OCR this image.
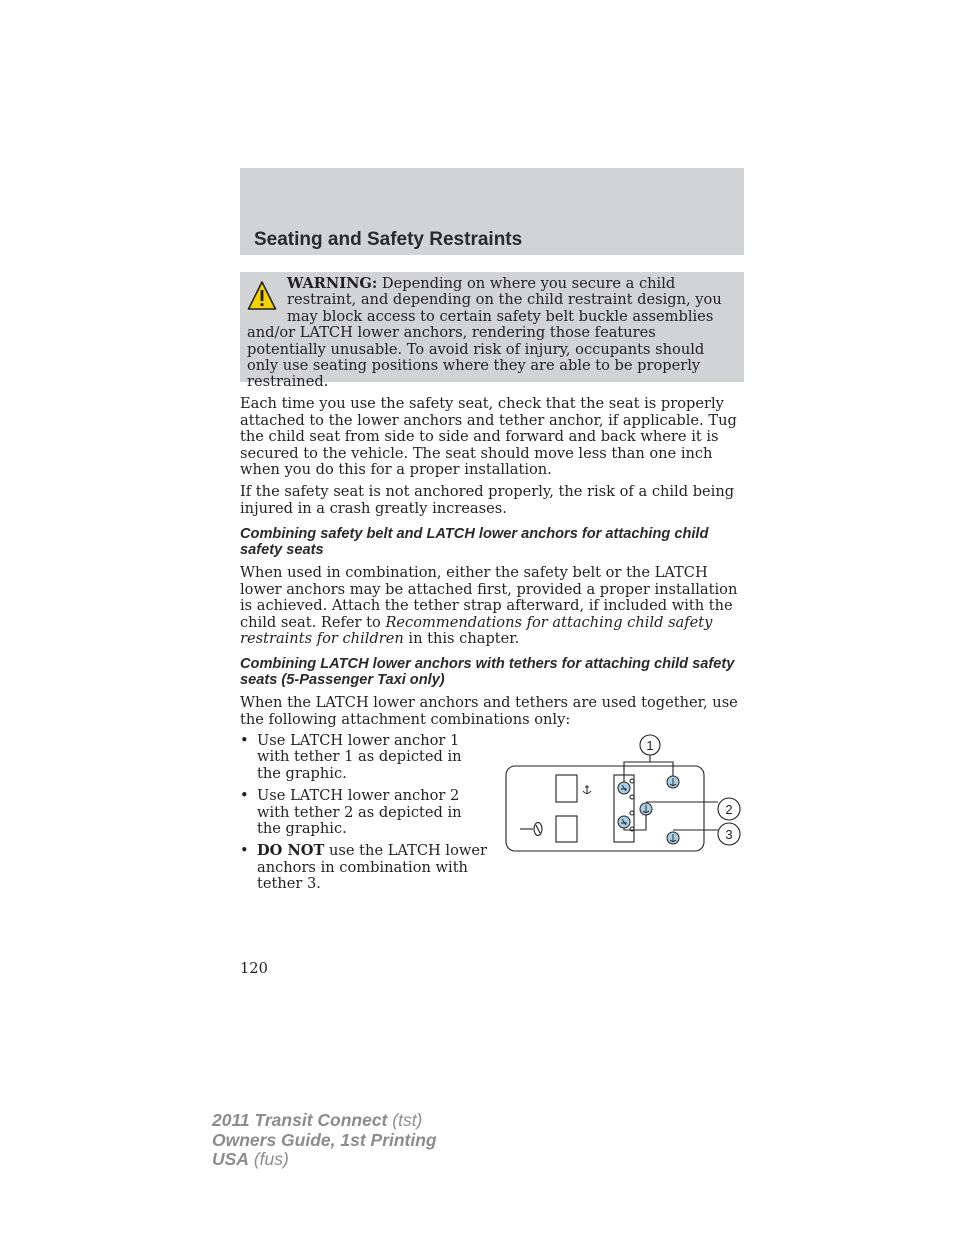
Seating and Safety Restraints
WARNING: Depending on where you secure a child restraint, and depending on the child restraint design, you may block access to certain safety belt buckle assemblies and/or LATCH lower anchors, rendering those features potentially unusable. To avoid risk of injury, occupants should only use seating positions where they are able to be properly restrained.

Each time you use the safety seat, check that the seat is properly attached to the lower anchors and tether anchor, if applicable. Tug the child seat from side to side and forward and back where it is secured to the vehicle. The seat should move less than one inch when you do this for a proper installation.

If the safety seat is not anchored properly, the risk of a child being injured in a crash greatly increases.

Combining safety belt and LATCH lower anchors for attaching child safety seats

When used in combination, either the safety belt or the LATCH lower anchors may be attached first, provided a proper installation is achieved. Attach the tether strap afterward, if included with the child seat. Refer to Recommendations for attaching child safety restraints for children in this chapter.

Combining LATCH lower anchors with tethers for attaching child safety seats (5-Passenger Taxi only)

When the LATCH lower anchors and tethers are used together, use the following attachment combinations only:

• Use LATCH lower anchor 1 with tether 1 as depicted in the graphic.
• Use LATCH lower anchor 2 with tether 2 as depicted in the graphic.
• DO NOT use the LATCH lower anchors in combination with tether 3.
1
2
3
120
2011 Transit Connect (tst)
Owners Guide, 1st Printing
USA (fus)
